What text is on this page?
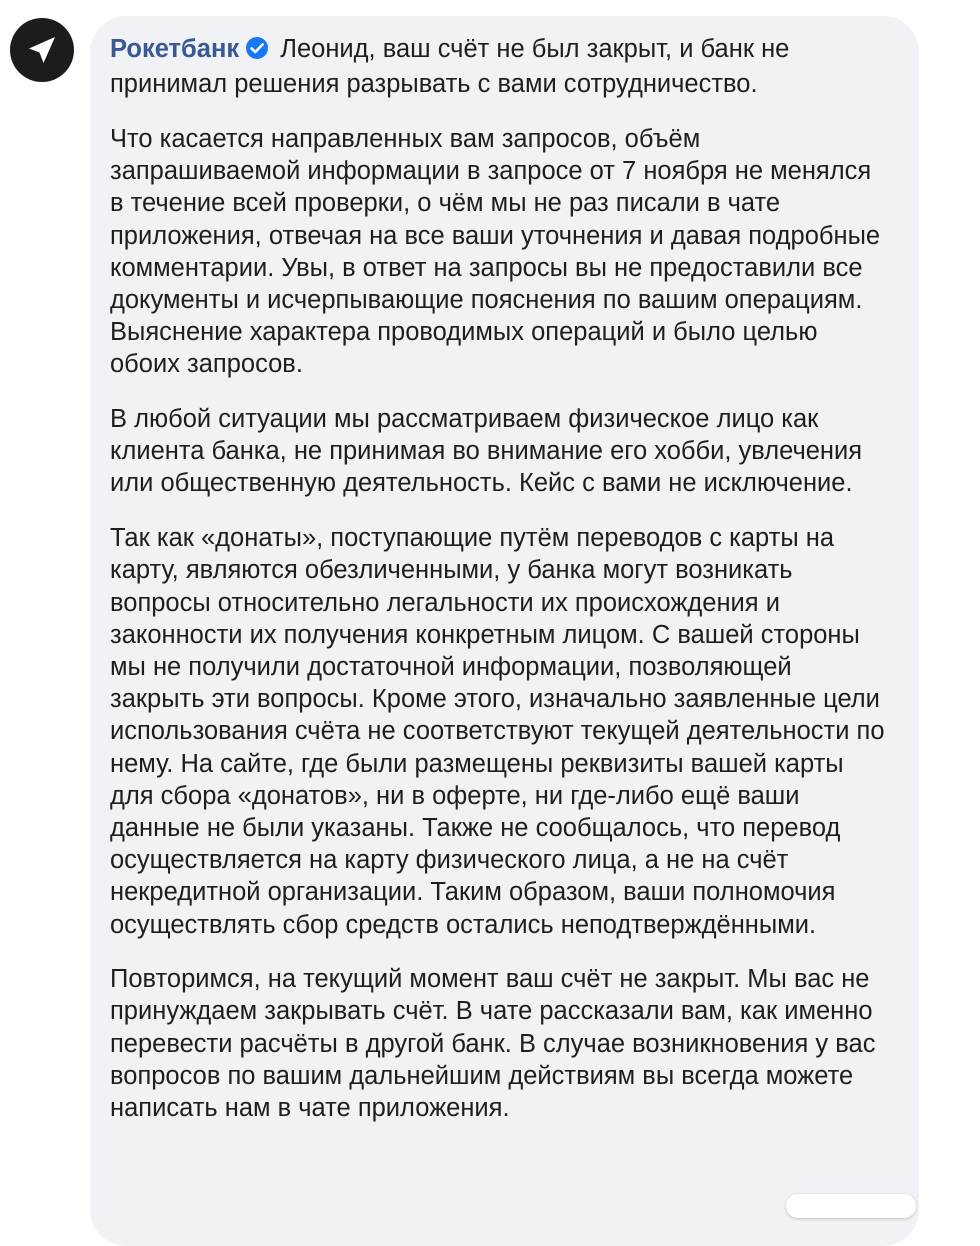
Рокетбанк Леонид, ваш счёт не был закрыт, и банк не принимал решения разрывать с вами сотрудничество.

Что касается направленных вам запросов, объём запрашиваемой информации в запросе от 7 ноября не менялся в течение всей проверки, о чём мы не раз писали в чате приложения, отвечая на все ваши уточнения и давая подробные комментарии. Увы, в ответ на запросы вы не предоставили все документы и исчерпывающие пояснения по вашим операциям. Выяснение характера проводимых операций и было целью обоих запросов.

В любой ситуации мы рассматриваем физическое лицо как клиента банка, не принимая во внимание его хобби, увлечения или общественную деятельность. Кейс с вами не исключение.

Так как «донаты», поступающие путём переводов с карты на карту, являются обезличенными, у банка могут возникать вопросы относительно легальности их происхождения и законности их получения конкретным лицом. С вашей стороны мы не получили достаточной информации, позволяющей закрыть эти вопросы. Кроме этого, изначально заявленные цели использования счёта не соответствуют текущей деятельности по нему. На сайте, где были размещены реквизиты вашей карты для сбора «донатов», ни в оферте, ни где-либо ещё ваши данные не были указаны. Также не сообщалось, что перевод осуществляется на карту физического лица, а не на счёт некредитной организации. Таким образом, ваши полномочия осуществлять сбор средств остались неподтверждёнными.

Повторимся, на текущий момент ваш счёт не закрыт. Мы вас не принуждаем закрывать счёт. В чате рассказали вам, как именно перевести расчёты в другой банк. В случае возникновения у вас вопросов по вашим дальнейшим действиям вы всегда можете написать нам в чате приложения.
